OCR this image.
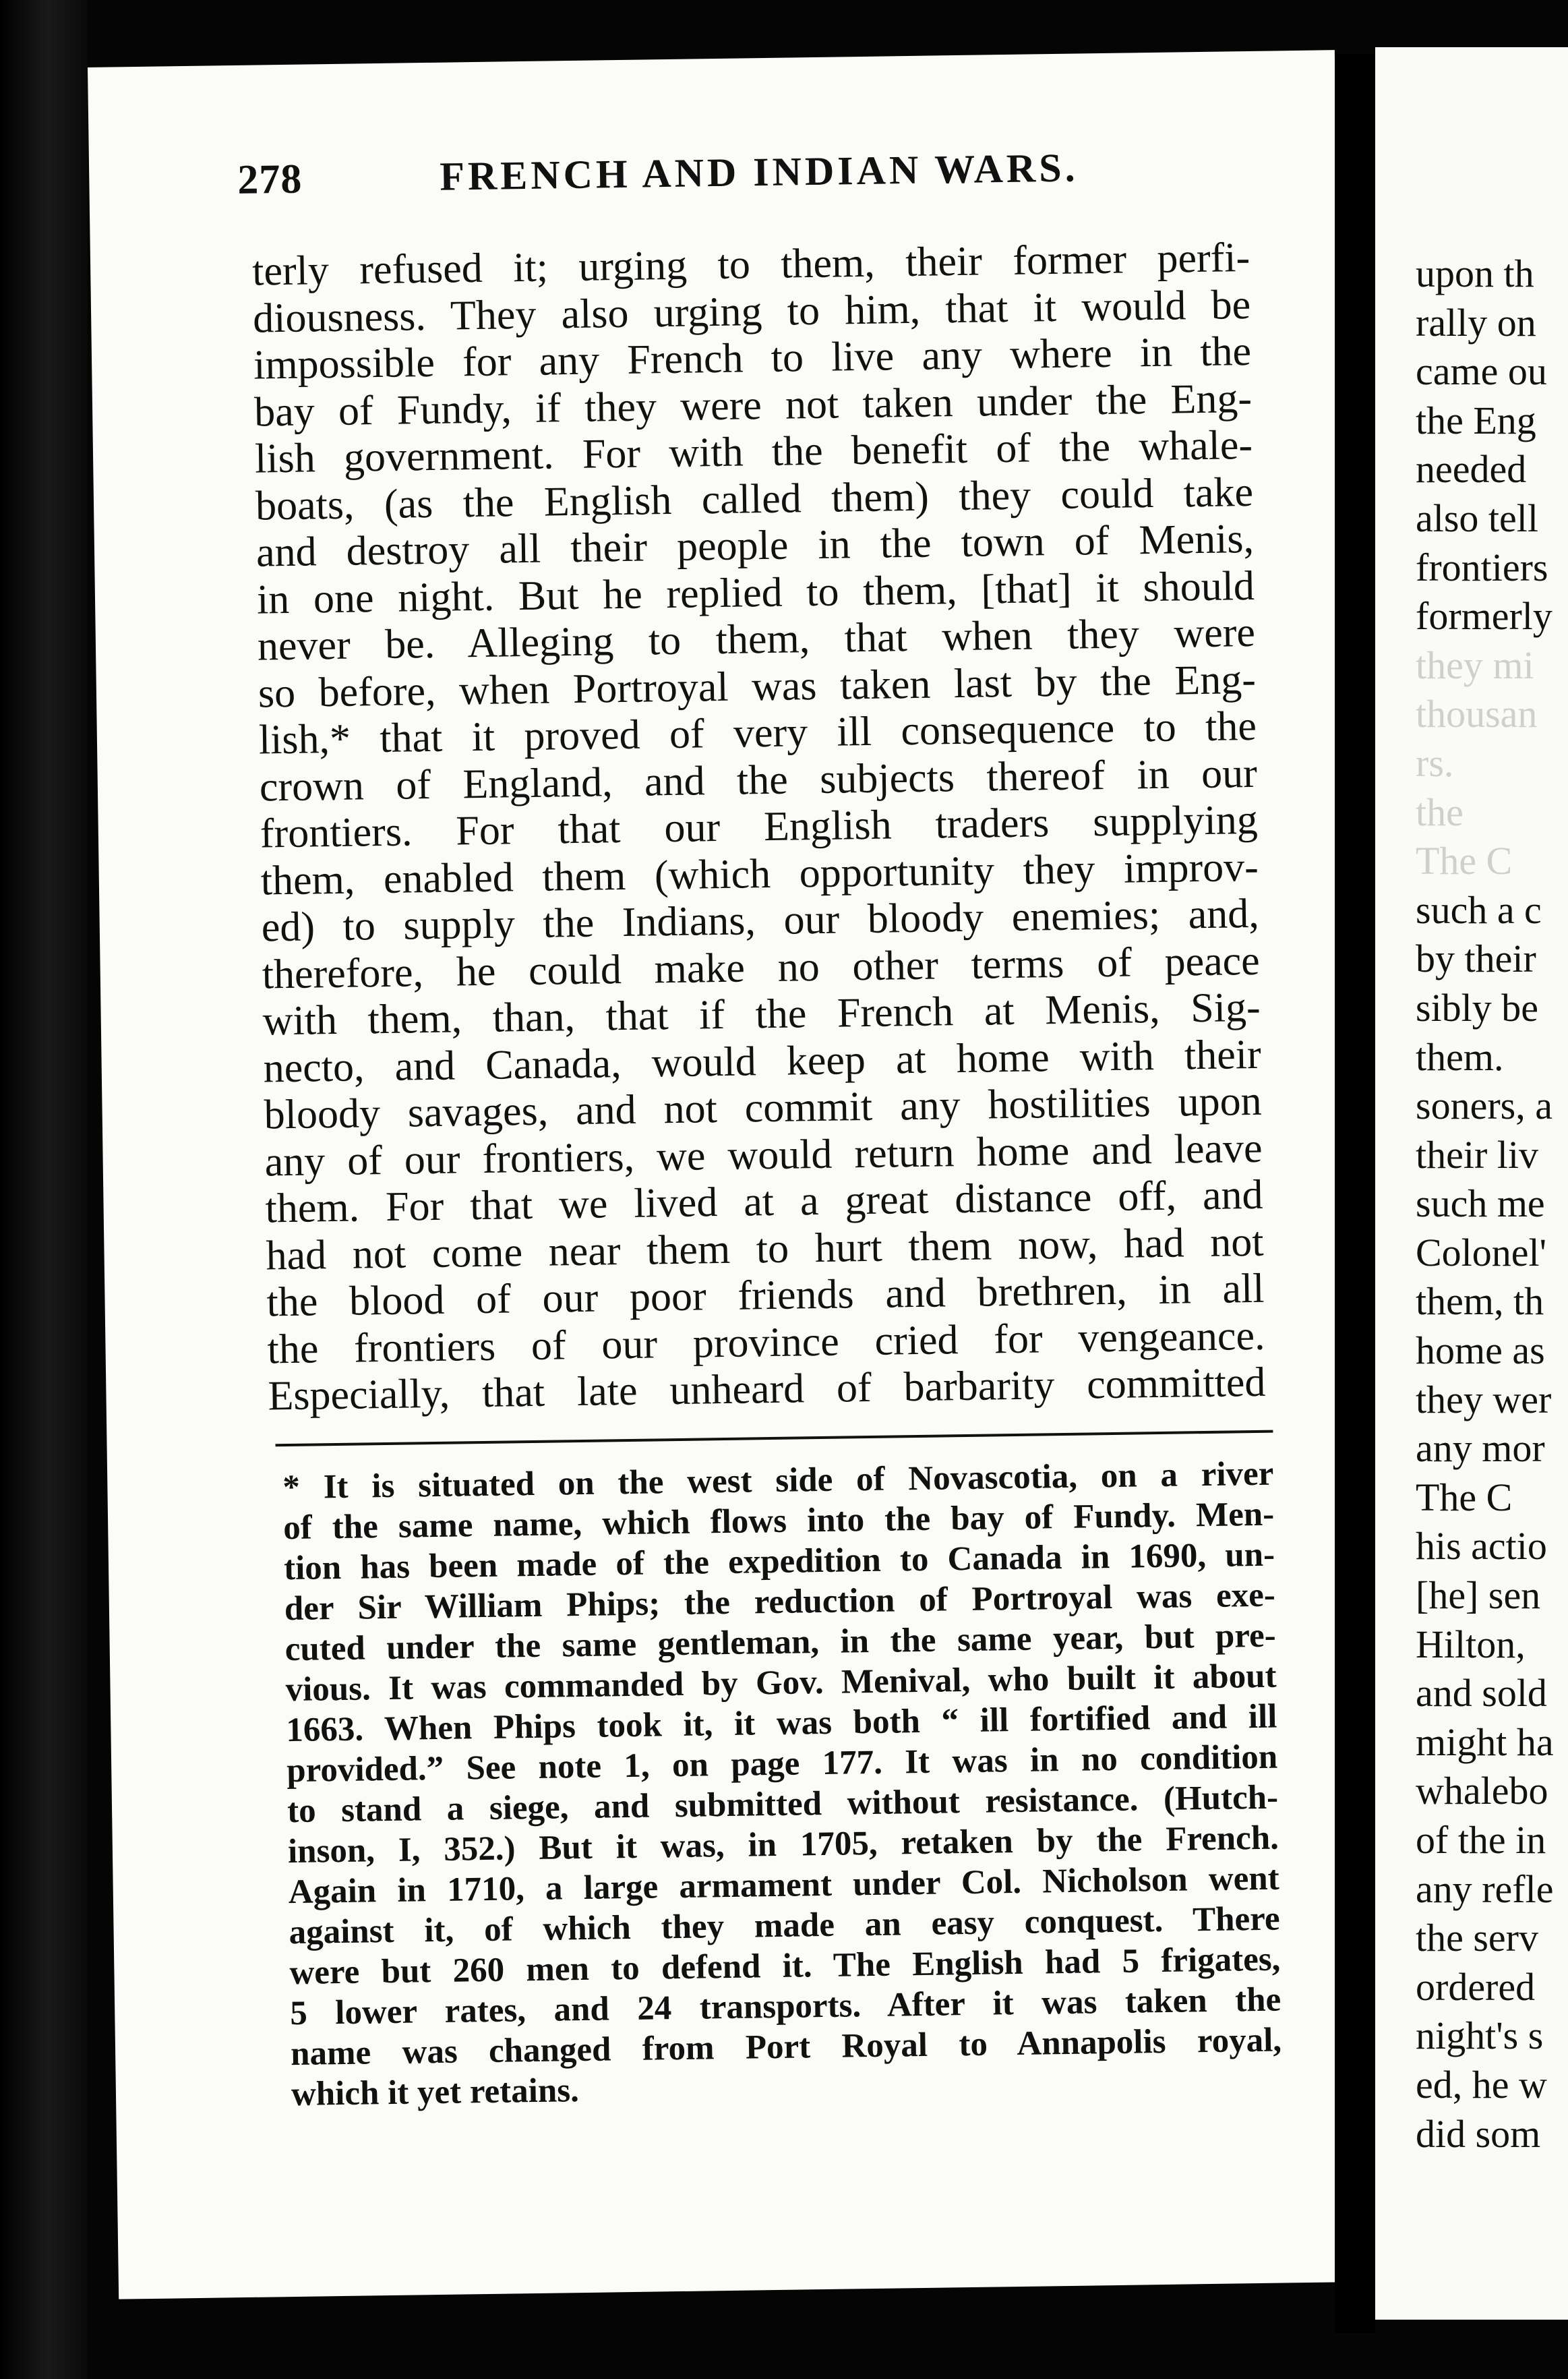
278	FRENCH AND INDIAN WARS.
terly refused it; urging to them, their former perfi-
diousness. They also urging to him, that it would be
impossible for any French to live any where in the
bay of Fundy, if they were not taken under the Eng-
lish government. For with the benefit of the whale-
boats, (as the English called them) they could take
and destroy all their people in the town of Menis,
in one night. But he replied to them, [that] it should
never be. Alleging to them, that when they were
so before, when Portroyal was taken last by the Eng-
lish,* that it proved of very ill consequence to the
crown of England, and the subjects thereof in our
frontiers. For that our English traders supplying
them, enabled them (which opportunity they improv-
ed) to supply the Indians, our bloody enemies; and,
therefore, he could make no other terms of peace
with them, than, that if the French at Menis, Sig-
necto, and Canada, would keep at home with their
bloody savages, and not commit any hostilities upon
any of our frontiers, we would return home and leave
them. For that we lived at a great distance off, and
had not come near them to hurt them now, had not
the blood of our poor friends and brethren, in all
the frontiers of our province cried for vengeance.
Especially, that late unheard of barbarity committed
* It is situated on the west side of Novascotia, on a river
of the same name, which flows into the bay of Fundy. Men-
tion has been made of the expedition to Canada in 1690, un-
der Sir William Phips; the reduction of Portroyal was exe-
cuted under the same gentleman, in the same year, but pre-
vious. It was commanded by Gov. Menival, who built it about
1663. When Phips took it, it was both “ ill fortified and ill
provided.” See note 1, on page 177. It was in no condition
to stand a siege, and submitted without resistance. (Hutch-
inson, I, 352.) But it was, in 1705, retaken by the French.
Again in 1710, a large armament under Col. Nicholson went
against it, of which they made an easy conquest. There
were but 260 men to defend it. The English had 5 frigates,
5 lower rates, and 24 transports. After it was taken the
name was changed from Port Royal to Annapolis royal,
which it yet retains.
upon th
rally on
came ou
the Eng
needed
also tell
frontiers
formerly
they mi
thousan
rs.
the
The C
such a c
by their
sibly be
them.
soners, a
their liv
such me
Colonel'
them, th
home as
they wer
any mor
The C
his actio
[he] sen
Hilton,
and sold
might ha
whalebo
of the in
any refle
the serv
ordered
night's s
ed, he w
did som
